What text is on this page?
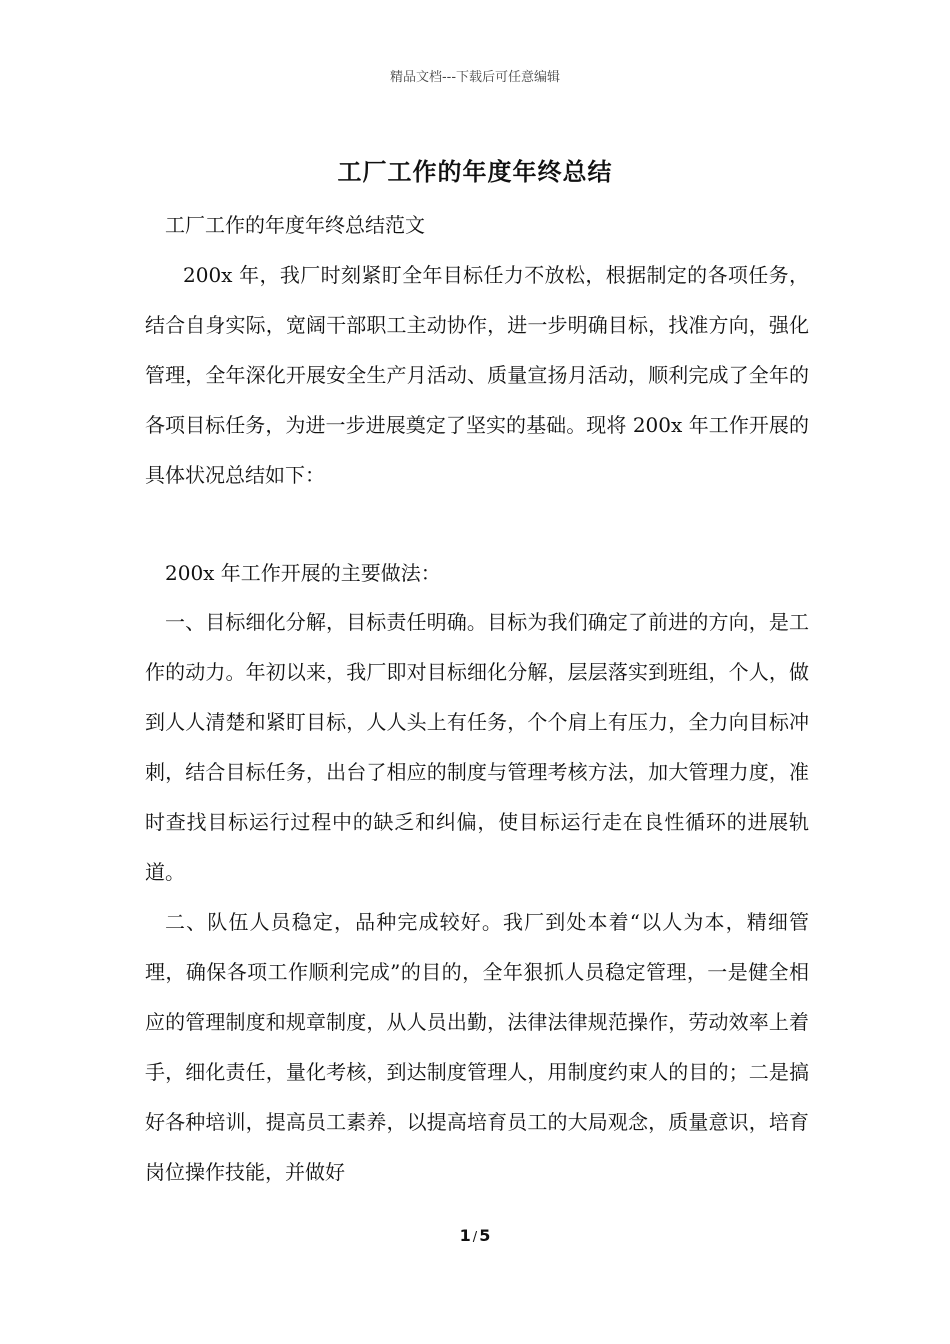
精品文档---下载后可任意编辑
工厂工作的年度年终总结

工厂工作的年度年终总结范文

200x 年，我厂时刻紧盯全年目标任力不放松，根据制定的各项任务，结合自身实际，宽阔干部职工主动协作，进一步明确目标，找准方向，强化管理，全年深化开展安全生产月活动、质量宣扬月活动，顺利完成了全年的各项目标任务，为进一步进展奠定了坚实的基础。现将 200x 年工作开展的具体状况总结如下：

200x 年工作开展的主要做法：

一、目标细化分解，目标责任明确。目标为我们确定了前进的方向，是工作的动力。年初以来，我厂即对目标细化分解，层层落实到班组，个人，做到人人清楚和紧盯目标，人人头上有任务，个个肩上有压力，全力向目标冲刺，结合目标任务，出台了相应的制度与管理考核方法，加大管理力度，准时查找目标运行过程中的缺乏和纠偏，使目标运行走在良性循环的进展轨道。

二、队伍人员稳定，品种完成较好。我厂到处本着“以人为本，精细管理，确保各项工作顺利完成”的目的，全年狠抓人员稳定管理，一是健全相应的管理制度和规章制度，从人员出勤，法律法律规范操作，劳动效率上着手，细化责任，量化考核，到达制度管理人，用制度约束人的目的；二是搞好各种培训，提高员工素养，以提高培育员工的大局观念，质量意识，培育岗位操作技能，并做好

1 / 5
